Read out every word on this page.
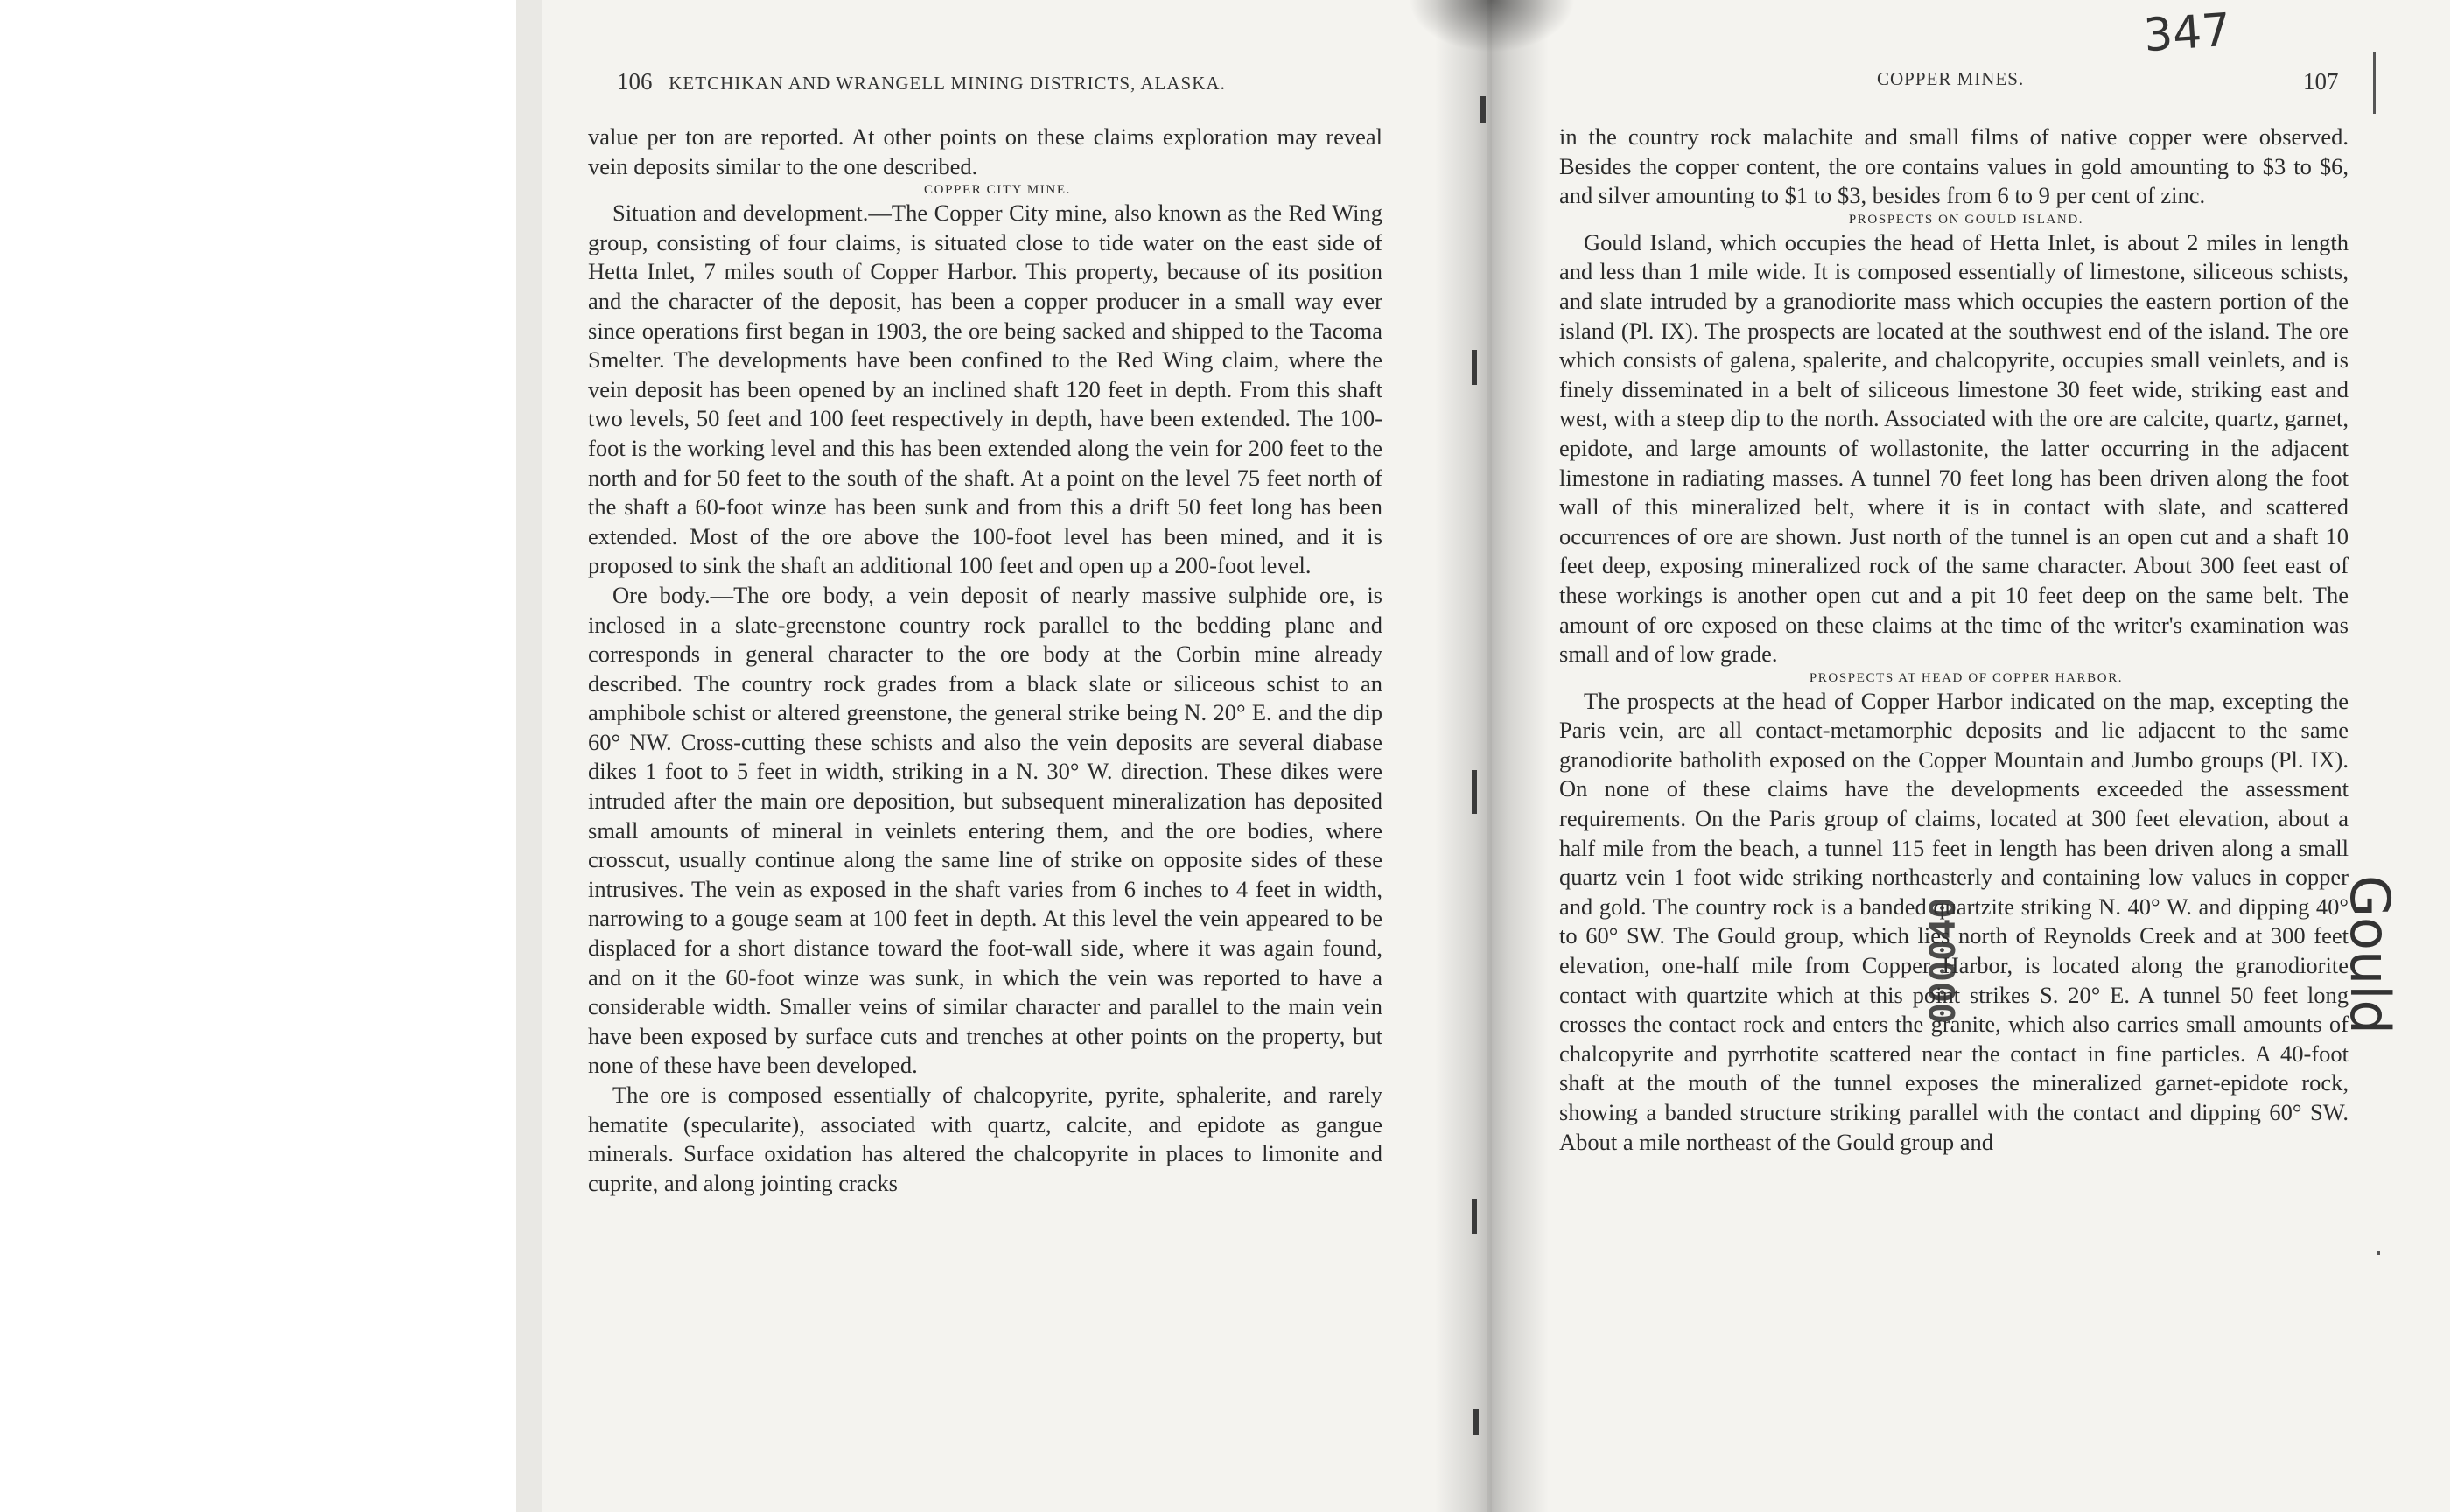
106 KETCHIKAN AND WRANGELL MINING DISTRICTS, ALASKA.	COPPER MINES.	107

value per ton are reported. At other points on these claims exploration may reveal vein deposits similar to the one described.

COPPER CITY MINE.

Situation and development.—The Copper City mine, also known as the Red Wing group, consisting of four claims, is situated close to tide water on the east side of Hetta Inlet, 7 miles south of Copper Harbor. This property, because of its position and the character of the deposit, has been a copper producer in a small way ever since operations first began in 1903, the ore being sacked and shipped to the Tacoma Smelter. The developments have been confined to the Red Wing claim, where the vein deposit has been opened by an inclined shaft 120 feet in depth. From this shaft two levels, 50 feet and 100 feet respectively in depth, have been extended. The 100-foot is the working level and this has been extended along the vein for 200 feet to the north and for 50 feet to the south of the shaft. At a point on the level 75 feet north of the shaft a 60-foot winze has been sunk and from this a drift 50 feet long has been extended. Most of the ore above the 100-foot level has been mined, and it is proposed to sink the shaft an additional 100 feet and open up a 200-foot level.

Ore body.—The ore body, a vein deposit of nearly massive sulphide ore, is inclosed in a slate-greenstone country rock parallel to the bedding plane and corresponds in general character to the ore body at the Corbin mine already described. The country rock grades from a black slate or siliceous schist to an amphibole schist or altered greenstone, the general strike being N. 20° E. and the dip 60° NW. Cross-cutting these schists and also the vein deposits are several diabase dikes 1 foot to 5 feet in width, striking in a N. 30° W. direction. These dikes were intruded after the main ore deposition, but subsequent mineralization has deposited small amounts of mineral in veinlets entering them, and the ore bodies, where crosscut, usually continue along the same line of strike on opposite sides of these intrusives. The vein as exposed in the shaft varies from 6 inches to 4 feet in width, narrowing to a gouge seam at 100 feet in depth. At this level the vein appeared to be displaced for a short distance toward the foot-wall side, where it was again found, and on it the 60-foot winze was sunk, in which the vein was reported to have a considerable width. Smaller veins of similar character and parallel to the main vein have been exposed by surface cuts and trenches at other points on the property, but none of these have been developed.

The ore is composed essentially of chalcopyrite, pyrite, sphalerite, and rarely hematite (specularite), associated with quartz, calcite, and epidote as gangue minerals. Surface oxidation has altered the chalcopyrite in places to limonite and cuprite, and along jointing cracks

in the country rock malachite and small films of native copper were observed. Besides the copper content, the ore contains values in gold amounting to $3 to $6, and silver amounting to $1 to $3, besides from 6 to 9 per cent of zinc.

PROSPECTS ON GOULD ISLAND.

Gould Island, which occupies the head of Hetta Inlet, is about 2 miles in length and less than 1 mile wide. It is composed essentially of limestone, siliceous schists, and slate intruded by a granodiorite mass which occupies the eastern portion of the island (Pl. IX). The prospects are located at the southwest end of the island. The ore which consists of galena, spalerite, and chalcopyrite, occupies small veinlets, and is finely disseminated in a belt of siliceous limestone 30 feet wide, striking east and west, with a steep dip to the north. Associated with the ore are calcite, quartz, garnet, epidote, and large amounts of wollastonite, the latter occurring in the adjacent limestone in radiating masses. A tunnel 70 feet long has been driven along the foot wall of this mineralized belt, where it is in contact with slate, and scattered occurrences of ore are shown. Just north of the tunnel is an open cut and a shaft 10 feet deep, exposing mineralized rock of the same character. About 300 feet east of these workings is another open cut and a pit 10 feet deep on the same belt. The amount of ore exposed on these claims at the time of the writer's examination was small and of low grade.

PROSPECTS AT HEAD OF COPPER HARBOR.

The prospects at the head of Copper Harbor indicated on the map, excepting the Paris vein, are all contact-metamorphic deposits and lie adjacent to the same granodiorite batholith exposed on the Copper Mountain and Jumbo groups (Pl. IX). On none of these claims have the developments exceeded the assessment requirements. On the Paris group of claims, located at 300 feet elevation, about a half mile from the beach, a tunnel 115 feet in length has been driven along a small quartz vein 1 foot wide striking northeasterly and containing low values in copper and gold. The country rock is a banded quartzite striking N. 40° W. and dipping 40° to 60° SW. The Gould group, which lies north of Reynolds Creek and at 300 feet elevation, one-half mile from Copper Harbor, is located along the granodiorite contact with quartzite which at this point strikes S. 20° E. A tunnel 50 feet long crosses the contact rock and enters the granite, which also carries small amounts of chalcopyrite and pyrrhotite scattered near the contact in fine particles. A 40-foot shaft at the mouth of the tunnel exposes the mineralized garnet-epidote rock, showing a banded structure striking parallel with the contact and dipping 60° SW. About a mile northeast of the Gould group and

347
Gould
000040
